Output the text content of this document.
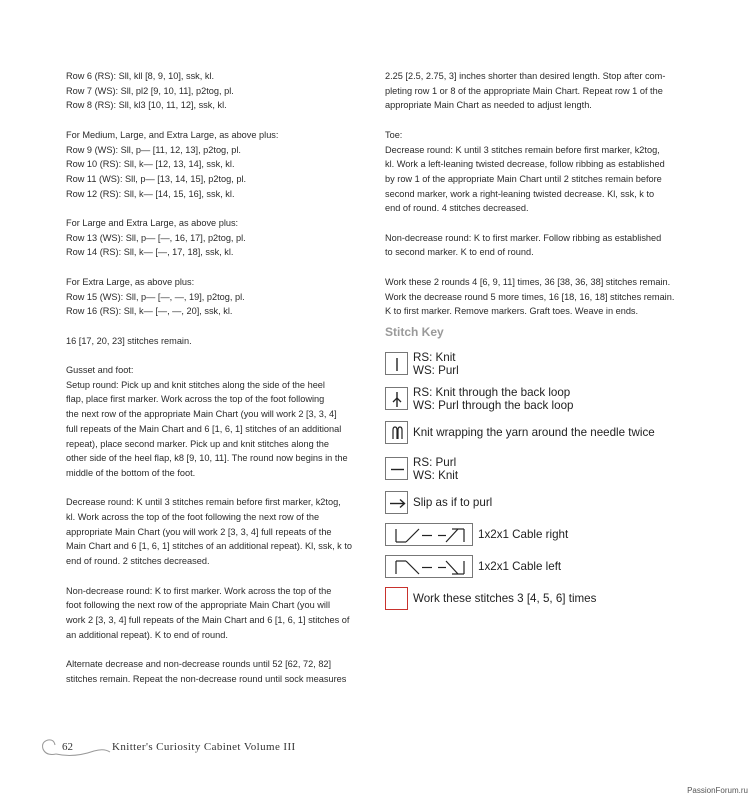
Row 6 (RS): Sll, kll [8, 9, 10], ssk, kl.
Row 7 (WS): Sll, pl2 [9, 10, 11], p2tog, pl.
Row 8 (RS): Sll, kl3 [10, 11, 12], ssk, kl.
For Medium, Large, and Extra Large, as above plus:
Row 9 (WS): Sll, p— [11, 12, 13], p2tog, pl.
Row 10 (RS): Sll, k— [12, 13, 14], ssk, kl.
Row 11 (WS): Sll, p— [13, 14, 15], p2tog, pl.
Row 12 (RS): Sll, k— [14, 15, 16], ssk, kl.
For Large and Extra Large, as above plus:
Row 13 (WS): Sll, p— [—, 16, 17], p2tog, pl.
Row 14 (RS): Sll, k— [—, 17, 18], ssk, kl.
For Extra Large, as above plus:
Row 15 (WS): Sll, p— [—, —, 19], p2tog, pl.
Row 16 (RS): Sll, k— [—, —, 20], ssk, kl.
16 [17, 20, 23] stitches remain.
Gusset and foot:
Setup round: Pick up and knit stitches along the side of the heel
flap, place first marker. Work across the top of the foot following
the next row of the appropriate Main Chart (you will work 2 [3, 3, 4]
full repeats of the Main Chart and 6 [1, 6, 1] stitches of an additional
repeat), place second marker. Pick up and knit stitches along the
other side of the heel flap, k8 [9, 10, 11]. The round now begins in the
middle of the bottom of the foot.
Decrease round: K until 3 stitches remain before first marker, k2tog,
kl. Work across the top of the foot following the next row of the
appropriate Main Chart (you will work 2 [3, 3, 4] full repeats of the
Main Chart and 6 [1, 6, 1] stitches of an additional repeat). Kl, ssk, k to
end of round. 2 stitches decreased.
Non-decrease round: K to first marker. Work across the top of the
foot following the next row of the appropriate Main Chart (you will
work 2 [3, 3, 4] full repeats of the Main Chart and 6 [1, 6, 1] stitches of
an additional repeat). K to end of round.
Alternate decrease and non-decrease rounds until 52 [62, 72, 82]
stitches remain. Repeat the non-decrease round until sock measures
2.25 [2.5, 2.75, 3] inches shorter than desired length. Stop after com-
pleting row 1 or 8 of the appropriate Main Chart. Repeat row 1 of the
appropriate Main Chart as needed to adjust length.
Toe:
Decrease round: K until 3 stitches remain before first marker, k2tog,
kl. Work a left-leaning twisted decrease, follow ribbing as established
by row 1 of the appropriate Main Chart until 2 stitches remain before
second marker, work a right-leaning twisted decrease. Kl, ssk, k to
end of round. 4 stitches decreased.
Non-decrease round: K to first marker. Follow ribbing as established
to second marker. K to end of round.
Work these 2 rounds 4 [6, 9, 11] times, 36 [38, 36, 38] stitches remain.
Work the decrease round 5 more times, 16 [18, 16, 18] stitches remain.
K to first marker. Remove markers. Graft toes. Weave in ends.
Stitch Key
RS: Knit
WS: Purl
RS: Knit through the back loop
WS: Purl through the back loop
Knit wrapping the yarn around the needle twice
RS: Purl
WS: Knit
Slip as if to purl
1x2x1 Cable right
1x2x1 Cable left
Work these stitches 3 [4, 5, 6] times
62	Knitter's Curiosity Cabinet Volume III
PassionForum.ru
